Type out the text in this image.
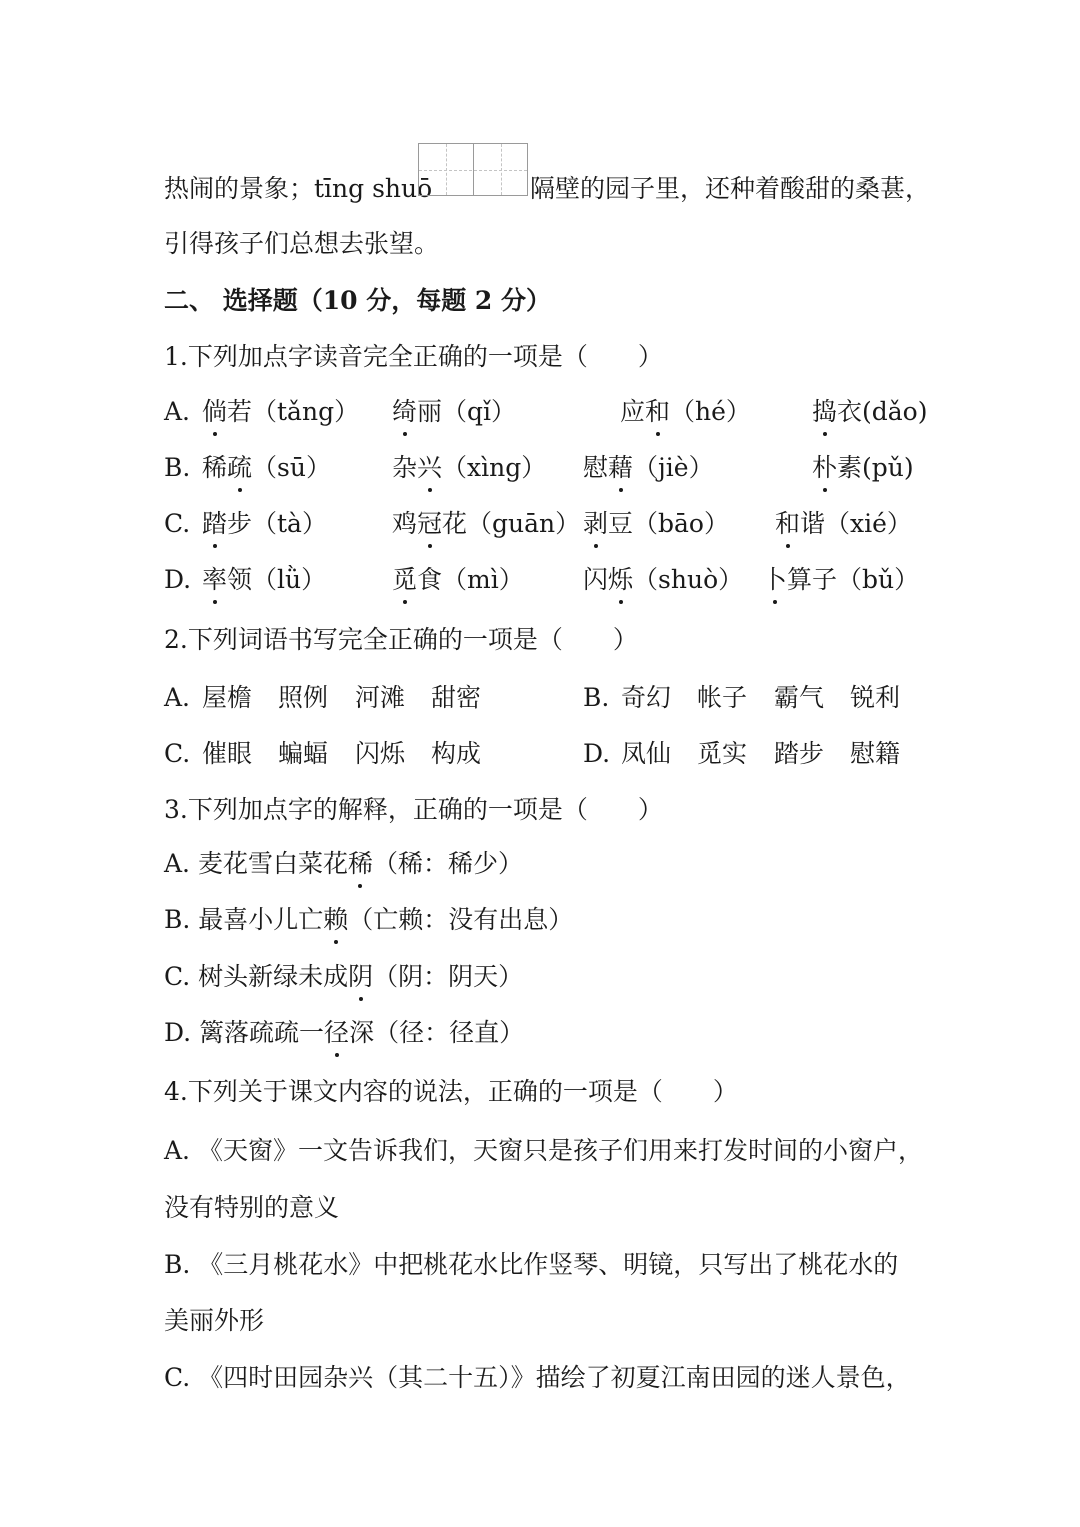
热闹的景象；tīng shuō	隔壁的园子里，还种着酸甜的桑葚，
引得孩子们总想去张望。
二、 选择题（10 分，每题 2 分）
1.下列加点字读音完全正确的一项是（　　）
A. 倘若（tǎng） 绮丽（qǐ）	应和（hé） 捣衣(dǎo)
B. 稀疏（sū） 杂兴（xìng） 慰藉（jiè）	朴素(pǔ)
C. 踏步（tà）	鸡冠花（guān） 剥豆（bāo） 和谐（xié）
D. 率领（lǜ）	觅食（mì） 闪烁（shuò） 卜算子（bǔ）
2.下列词语书写完全正确的一项是（　　）
A. 屋檐 照例 河滩 甜密	B. 奇幻 帐子 霸气 锐利
C. 催眼 蝙蝠 闪烁 构成	D. 凤仙 觅实 踏步 慰籍
3.下列加点字的解释，正确的一项是（　　）
A. 麦花雪白菜花稀（稀：稀少）
B. 最喜小儿亡赖（亡赖：没有出息）
C. 树头新绿未成阴（阴：阴天）
D. 篱落疏疏一径深（径：径直）
4.下列关于课文内容的说法，正确的一项是（　　）
A. 《天窗》一文告诉我们，天窗只是孩子们用来打发时间的小窗户，
没有特别的意义
B. 《三月桃花水》中把桃花水比作竖琴、明镜，只写出了桃花水的
美丽外形
C. 《四时田园杂兴（其二十五）》描绘了初夏江南田园的迷人景色，
